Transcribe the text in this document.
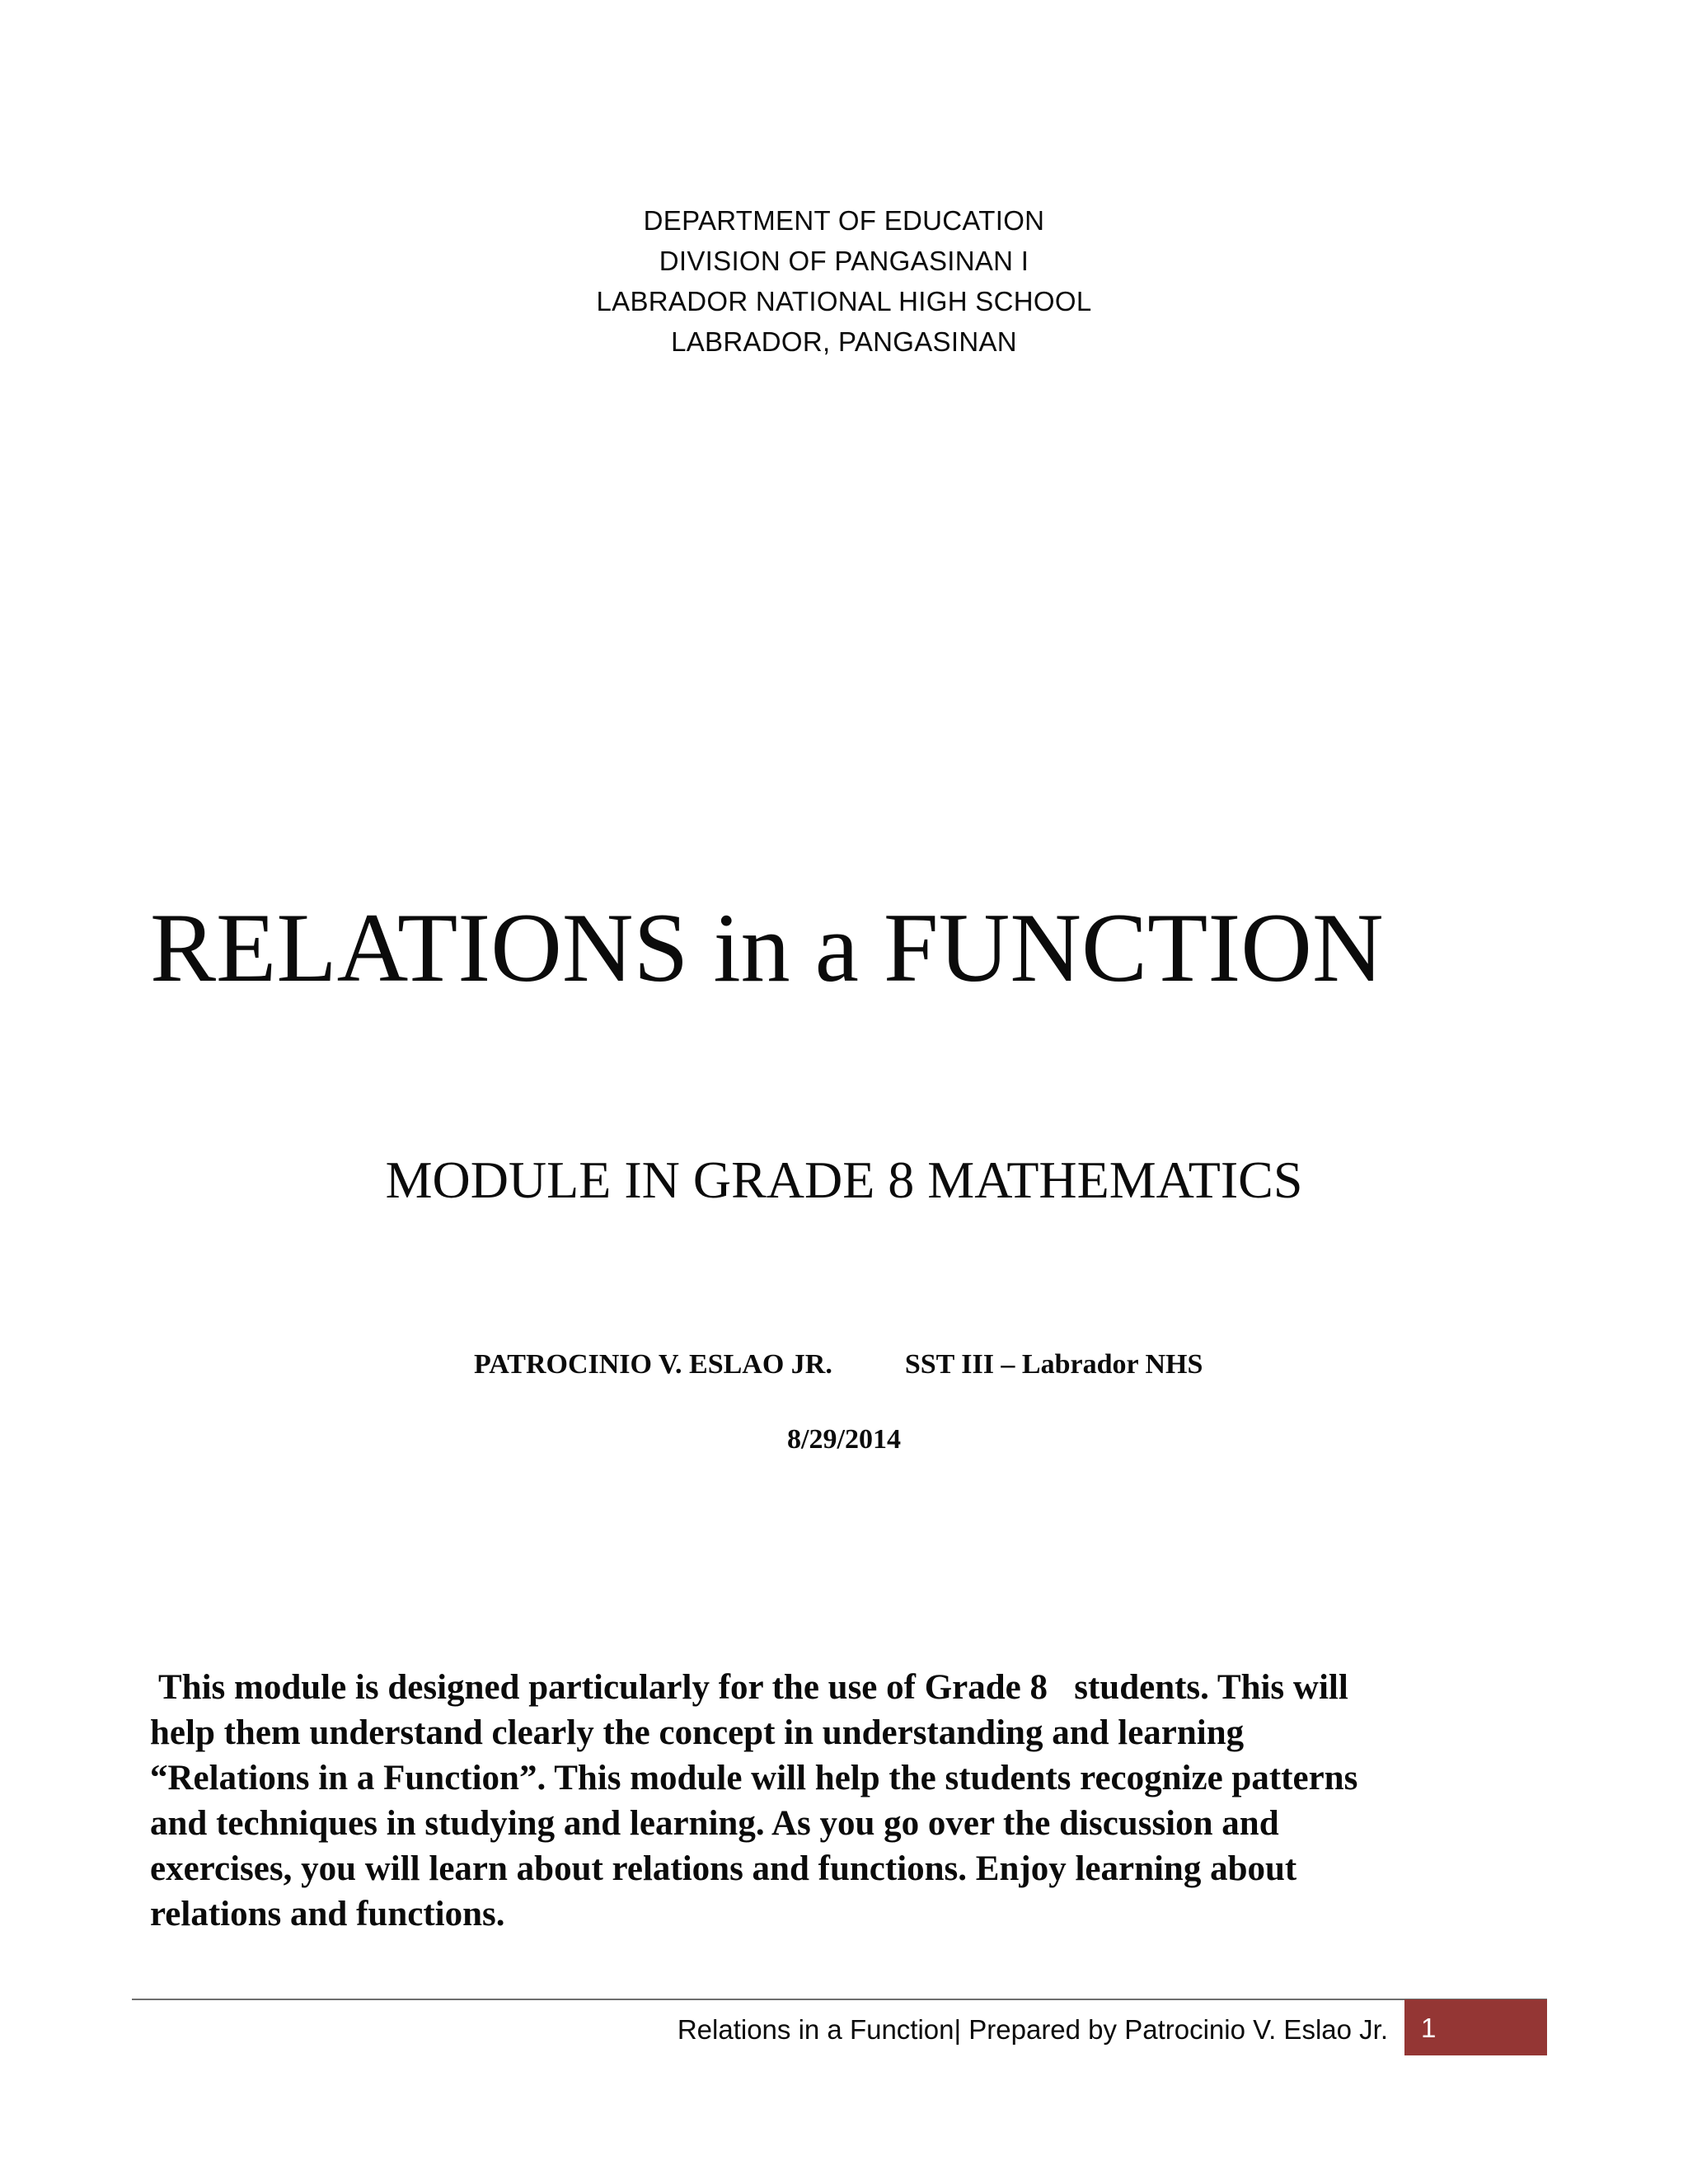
DEPARTMENT OF EDUCATION
DIVISION OF PANGASINAN I
LABRADOR NATIONAL HIGH SCHOOL
LABRADOR, PANGASINAN
RELATIONS in a FUNCTION
MODULE IN GRADE 8 MATHEMATICS
PATROCINIO V. ESLAO JR.	SST III – Labrador NHS
8/29/2014

This module is designed particularly for the use of Grade 8   students. This will
help them understand clearly the concept in understanding and learning
“Relations in a Function”. This module will help the students recognize patterns
and techniques in studying and learning. As you go over the discussion and
exercises, you will learn about relations and functions. Enjoy learning about
relations and functions.

Relations in a Function| Prepared by Patrocinio V. Eslao Jr. 1
